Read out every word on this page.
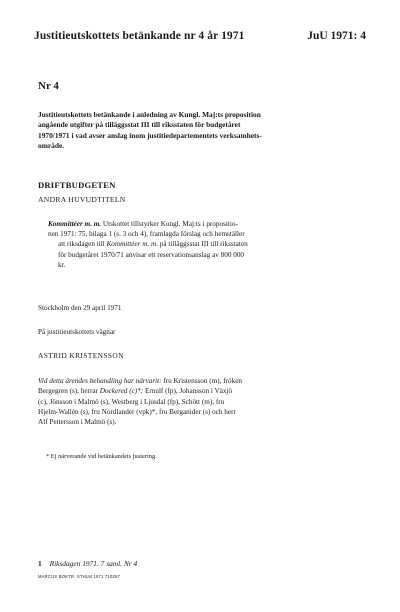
Justitieutskottets betänkande nr 4 år 1971	JuU 1971: 4
Nr 4
Justitieutskottets betänkande i anledning av Kungl. Maj:ts proposition
angående utgifter på tilläggsstat III till riksstaten för budgetåret
1970/1971 i vad avser anslag inom justitiedepartementets verksamhets-
område.
DRIFTBUDGETEN
ANDRA HUVUDTITELN
Kommittéer m. m. Utskottet tillstyrker Kungl. Maj:ts i propositio-
nen 1971: 75, bilaga 1 (s. 3 och 4), framlagda förslag och hemställer
att riksdagen till Kommittéer m. m. på tilläggsstat III till riksstaten
för budgetåret 1970/71 anvisar ett reservationsanslag av 800 000
kr.
Stockholm den 29 april 1971
På justitieutskottets vägnar
ASTRID KRISTENSSON
Vid detta ärendes behandling har närvarit: fru Kristensson (m), fröken
Bergegren (s), herrar Dockered (c)*; Ernulf (fp), Johansson i Växjö
(c), Jönsson i Malmö (s), Westberg i Ljusdal (fp), Schött (m), fru
Hjelm-Wallén (s), fru Nordlander (vpk)*, fru Berganider (s) och herr
Alf Pettersson i Malmö (s).
* Ej närverande vid betänkandets justering.
1 Riksdagen 1971. 7 saml. Nr 4
MARCUS BOKTR. STHLM 1971 710257
